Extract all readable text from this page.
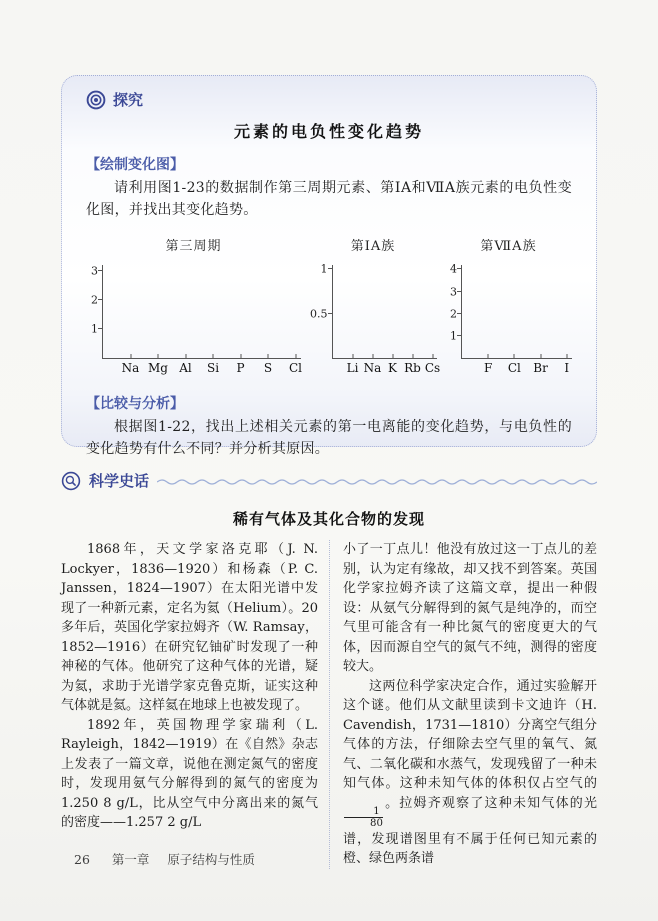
探究
元素的电负性变化趋势
【绘制变化图】

请利用图1-23的数据制作第三周期元素、第ⅠA和ⅦA族元素的电负性变化图，并找出其变化趋势。

第三周期
1
2
3
Na Mg Al Si P S Cl
第ⅠA族
0.5
1
Li Na K Rb Cs
第ⅦA族
1
2
3
4
F Cl Br I
【比较与分析】

根据图1-22，找出上述相关元素的第一电离能的变化趋势，与电负性的变化趋势有什么不同？并分析其原因。

科学史话
稀有气体及其化合物的发现

1868年，天文学家洛克耶（J. N. Lockyer，1836—1920）和杨森（P. C. Janssen，1824—1907）在太阳光谱中发现了一种新元素，定名为氦（Helium）。20多年后，英国化学家拉姆齐（W. Ramsay，1852—1916）在研究钇铀矿时发现了一种神秘的气体。他研究了这种气体的光谱，疑为氦，求助于光谱学家克鲁克斯，证实这种气体就是氦。这样氦在地球上也被发现了。

1892年，英国物理学家瑞利（L. Rayleigh，1842—1919）在《自然》杂志上发表了一篇文章，说他在测定氮气的密度时，发现用氨气分解得到的氮气的密度为1.250 8 g/L，比从空气中分离出来的氮气的密度——1.257 2 g/L

小了一丁点儿！他没有放过这一丁点儿的差别，认为定有缘故，却又找不到答案。英国化学家拉姆齐读了这篇文章，提出一种假设：从氨气分解得到的氮气是纯净的，而空气里可能含有一种比氮气的密度更大的气体，因而源自空气的氮气不纯，测得的密度较大。

这两位科学家决定合作，通过实验解开这个谜。他们从文献里读到卡文迪许（H. Cavendish，1731—1810）分离空气组分气体的方法，仔细除去空气里的氧气、氮气、二氧化碳和水蒸气，发现残留了一种未知气体。这种未知气体的体积仅占空气的
$\frac{1}{80}$
。拉姆齐观察了这种未知气体的光谱，发现谱图里有不属于任何已知元素的橙、绿色两条谱

26 第一章 原子结构与性质
